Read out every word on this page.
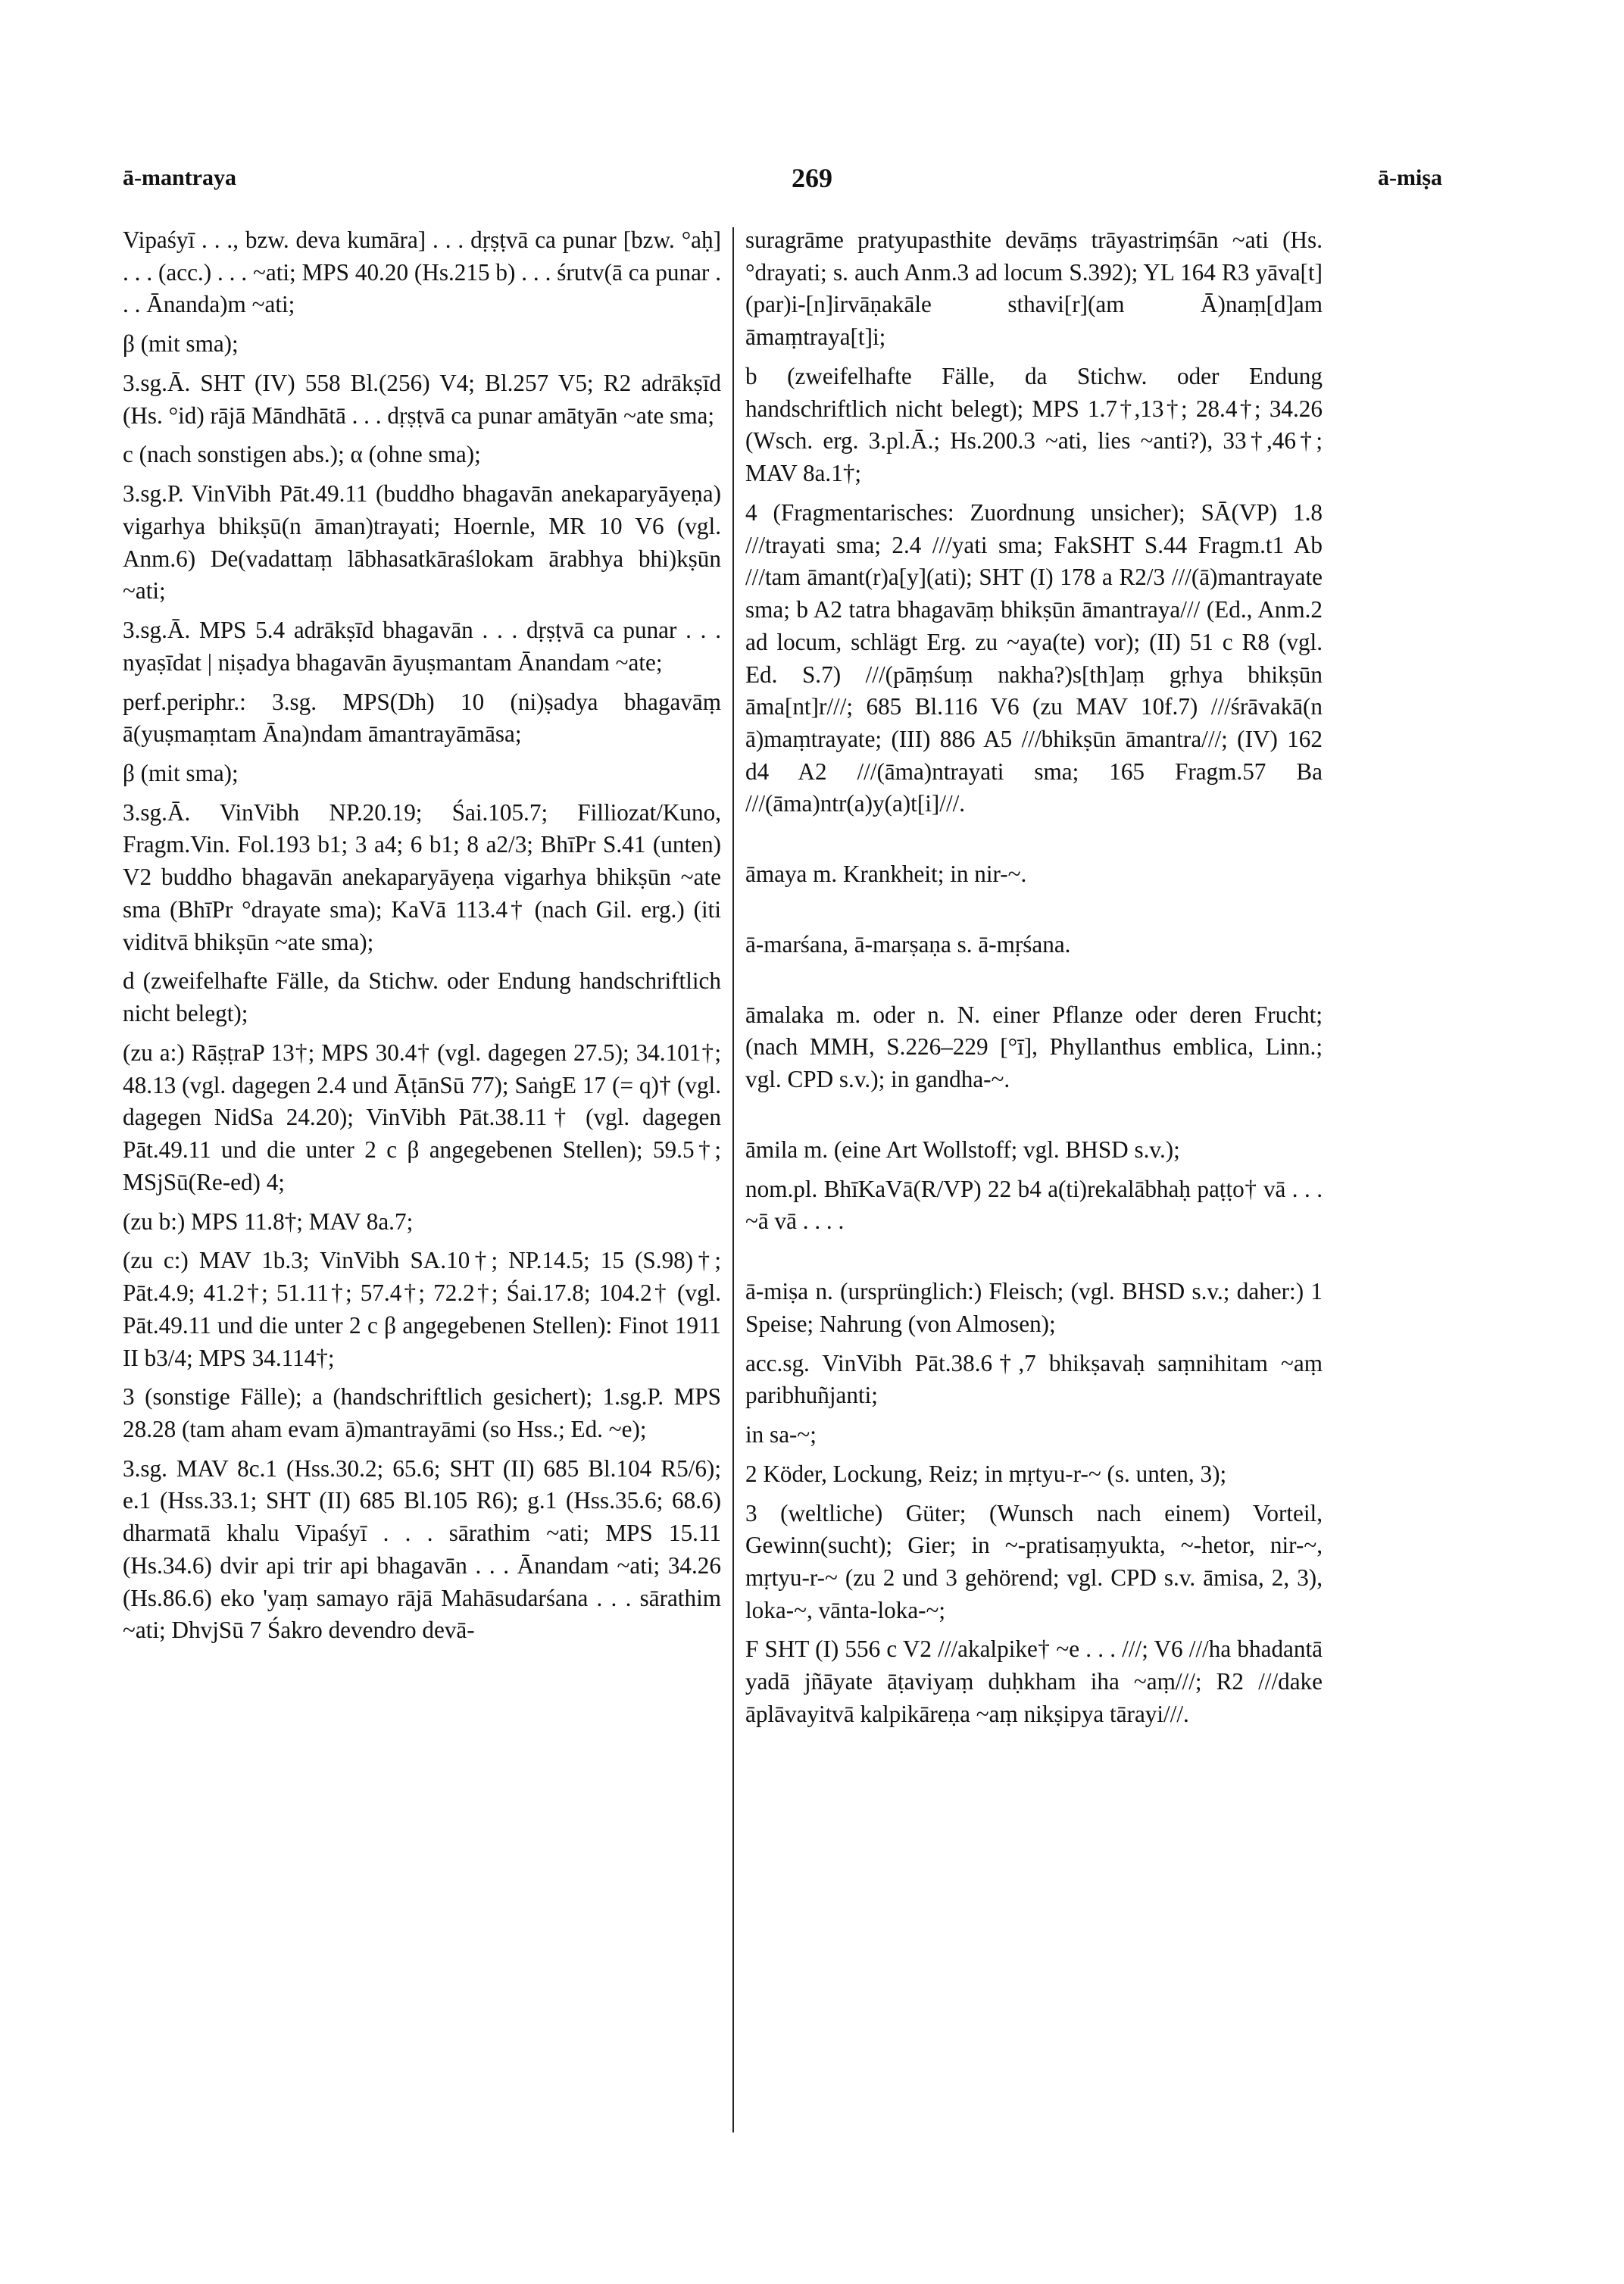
ā-mantraya	269	ā-miṣa

Vipaśyī . . ., bzw. deva kumāra] . . . dṛṣṭvā ca punar [bzw. °aḥ] . . . (acc.) . . . ~ati; MPS 40.20 (Hs.215 b) . . . śrutv(ā ca punar . . . Ānanda)m ~ati;

β (mit sma);

3.sg.Ā. SHT (IV) 558 Bl.(256) V4; Bl.257 V5; R2 adrākṣīd (Hs. °id) rājā Māndhātā . . . dṛṣṭvā ca punar amātyān ~ate sma;

c (nach sonstigen abs.); α (ohne sma);

3.sg.P. VinVibh Pāt.49.11 (buddho bhagavān anekaparyāyeṇa) vigarhya bhikṣū(n āman)trayati; Hoernle, MR 10 V6 (vgl. Anm.6) De(vadattaṃ lābhasatkāraślokam ārabhya bhi)kṣūn ~ati;

3.sg.Ā. MPS 5.4 adrākṣīd bhagavān . . . dṛṣṭvā ca punar . . . nyaṣīdat | niṣadya bhagavān āyuṣmantam Ānandam ~ate;

perf.periphr.: 3.sg. MPS(Dh) 10 (ni)ṣadya bhagavāṃ ā(yuṣmaṃtam Āna)ndam āmantrayāmāsa;

β (mit sma);

3.sg.Ā. VinVibh NP.20.19; Śai.105.7; Filliozat/Kuno, Fragm.Vin. Fol.193 b1; 3 a4; 6 b1; 8 a2/3; BhīPr S.41 (unten) V2 buddho bhagavān anekaparyāyeṇa vigarhya bhikṣūn ~ate sma (BhīPr °drayate sma); KaVā 113.4† (nach Gil. erg.) (iti viditvā bhikṣūn ~ate sma);

d (zweifelhafte Fälle, da Stichw. oder Endung handschriftlich nicht belegt);

(zu a:) RāṣṭraP 13†; MPS 30.4† (vgl. dagegen 27.5); 34.101†; 48.13 (vgl. dagegen 2.4 und ĀṭānSū 77); SaṅgE 17 (= q)† (vgl. dagegen NidSa 24.20); VinVibh Pāt.38.11† (vgl. dagegen Pāt.49.11 und die unter 2 c β angegebenen Stellen); 59.5†; MSjSū(Re-ed) 4;

(zu b:) MPS 11.8†; MAV 8a.7;

(zu c:) MAV 1b.3; VinVibh SA.10†; NP.14.5; 15 (S.98)†; Pāt.4.9; 41.2†; 51.11†; 57.4†; 72.2†; Śai.17.8; 104.2† (vgl. Pāt.49.11 und die unter 2 c β angegebenen Stellen): Finot 1911 II b3/4; MPS 34.114†;

3 (sonstige Fälle); a (handschriftlich gesichert); 1.sg.P. MPS 28.28 (tam aham evam ā)mantrayāmi (so Hss.; Ed. ~e);

3.sg. MAV 8c.1 (Hss.30.2; 65.6; SHT (II) 685 Bl.104 R5/6); e.1 (Hss.33.1; SHT (II) 685 Bl.105 R6); g.1 (Hss.35.6; 68.6) dharmatā khalu Vipaśyī . . . sārathim ~ati; MPS 15.11 (Hs.34.6) dvir api trir api bhagavān . . . Ānandam ~ati; 34.26 (Hs.86.6) eko 'yaṃ samayo rājā Mahāsudarśana . . . sārathim ~ati; DhvjSū 7 Śakro devendro devā-

suragrāme pratyupasthite devāṃs trāyastriṃśān ~ati (Hs. °drayati; s. auch Anm.3 ad locum S.392); YL 164 R3 yāva[t] (par)i-[n]irvāṇakāle sthavi[r](am Ā)naṃ[d]am āmaṃtraya[t]i;

b (zweifelhafte Fälle, da Stichw. oder Endung handschriftlich nicht belegt); MPS 1.7†,13†; 28.4†; 34.26 (Wsch. erg. 3.pl.Ā.; Hs.200.3 ~ati, lies ~anti?), 33†,46†; MAV 8a.1†;

4 (Fragmentarisches: Zuordnung unsicher); SĀ(VP) 1.8 ///trayati sma; 2.4 ///yati sma; FakSHT S.44 Fragm.t1 Ab ///tam āmant(r)a[y](ati); SHT (I) 178 a R2/3 ///(ā)mantrayate sma; b A2 tatra bhagavāṃ bhikṣūn āmantraya/// (Ed., Anm.2 ad locum, schlägt Erg. zu ~aya(te) vor); (II) 51 c R8 (vgl. Ed. S.7) ///(pāṃśuṃ nakha?)s[th]aṃ gṛhya bhikṣūn āma[nt]r///; 685 Bl.116 V6 (zu MAV 10f.7) ///śrāvakā(n ā)maṃtrayate; (III) 886 A5 ///bhikṣūn āmantra///; (IV) 162 d4 A2 ///(āma)ntrayati sma; 165 Fragm.57 Ba ///(āma)ntr(a)y(a)t[i]///.

āmaya m. Krankheit; in nir-~.

ā-marśana, ā-marṣaṇa s. ā-mṛśana.

āmalaka m. oder n. N. einer Pflanze oder deren Frucht; (nach MMH, S.226–229 [°ī], Phyllanthus emblica, Linn.; vgl. CPD s.v.); in gandha-~.

āmila m. (eine Art Wollstoff; vgl. BHSD s.v.);

nom.pl. BhīKaVā(R/VP) 22 b4 a(ti)rekalābhaḥ paṭṭo† vā . . . ~ā vā . . . .

ā-miṣa n. (ursprünglich:) Fleisch; (vgl. BHSD s.v.; daher:) 1 Speise; Nahrung (von Almosen);

acc.sg. VinVibh Pāt.38.6†,7 bhikṣavaḥ saṃnihitam ~aṃ paribhuñjanti;

in sa-~;

2 Köder, Lockung, Reiz; in mṛtyu-r-~ (s. unten, 3);

3 (weltliche) Güter; (Wunsch nach einem) Vorteil, Gewinn(sucht); Gier; in ~-pratisaṃyukta, ~-hetor, nir-~, mṛtyu-r-~ (zu 2 und 3 gehörend; vgl. CPD s.v. āmisa, 2, 3), loka-~, vānta-loka-~;

F SHT (I) 556 c V2 ///akalpike† ~e . . . ///; V6 ///ha bhadantā yadā jñāyate āṭaviyaṃ duḥkham iha ~aṃ///; R2 ///dake āplāvayitvā kalpikāreṇa ~aṃ nikṣipya tārayi///.
